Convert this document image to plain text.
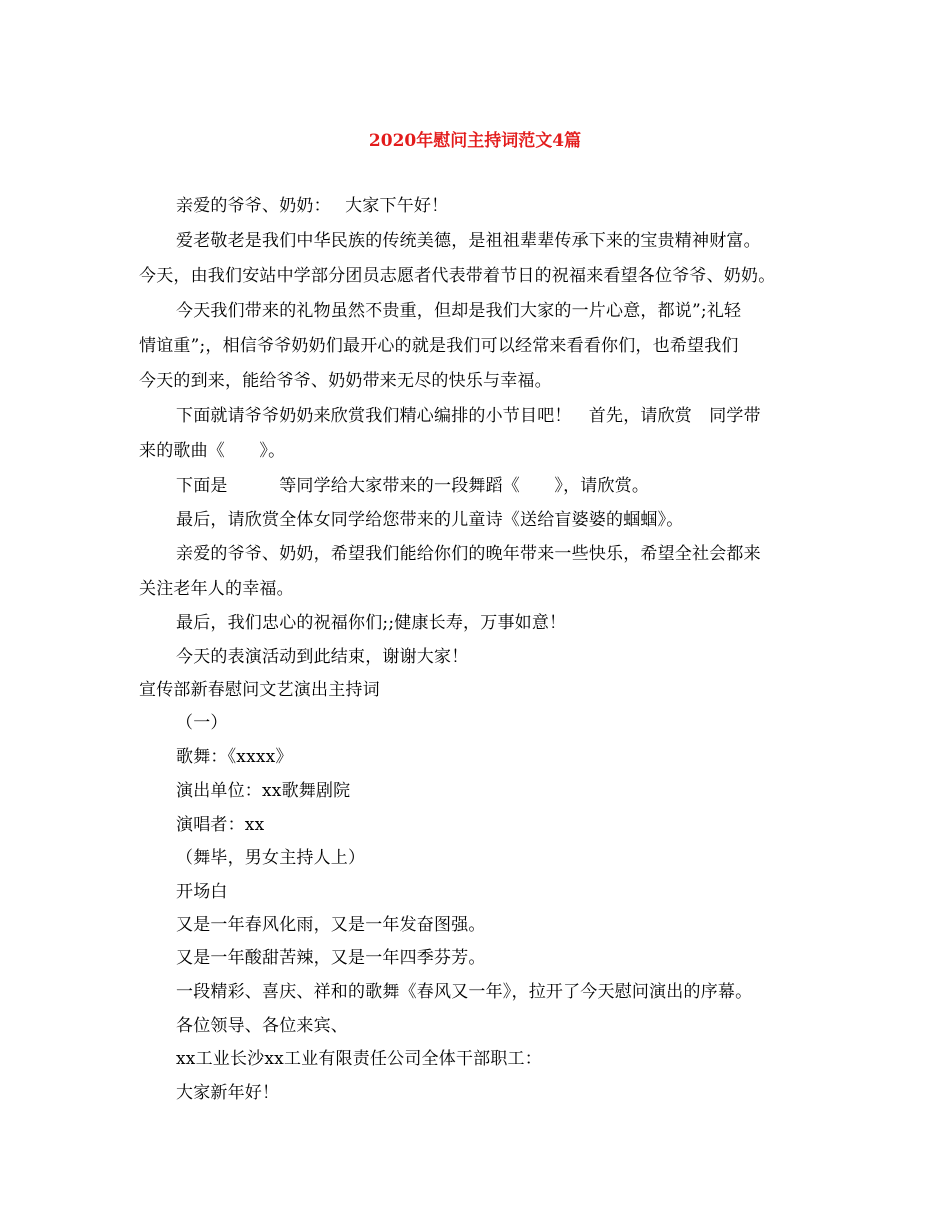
2020年慰问主持词范文4篇
亲爱的爷爷、奶奶：　 大家下午好！
爱老敬老是我们中华民族的传统美德，是祖祖辈辈传承下来的宝贵精神财富。
今天，由我们安站中学部分团员志愿者代表带着节日的祝福来看望各位爷爷、奶奶。
今天我们带来的礼物虽然不贵重，但却是我们大家的一片心意，都说”;礼轻
情谊重”;，相信爷爷奶奶们最开心的就是我们可以经常来看看你们，也希望我们
今天的到来，能给爷爷、奶奶带来无尽的快乐与幸福。
下面就请爷爷奶奶来欣赏我们精心编排的小节目吧！　首先，请欣赏　同学带
来的歌曲《　　》。
下面是　　　等同学给大家带来的一段舞蹈《　　》，请欣赏。
最后，请欣赏全体女同学给您带来的儿童诗《送给盲婆婆的蝈蝈》。
亲爱的爷爷、奶奶，希望我们能给你们的晚年带来一些快乐，希望全社会都来
关注老年人的幸福。
最后，我们忠心的祝福你们;;健康长寿，万事如意！
今天的表演活动到此结束，谢谢大家！
宣传部新春慰问文艺演出主持词
（一）
歌舞：《xxxx》
演出单位：xx歌舞剧院
演唱者：xx
（舞毕，男女主持人上）
开场白
又是一年春风化雨，又是一年发奋图强。
又是一年酸甜苦辣，又是一年四季芬芳。
一段精彩、喜庆、祥和的歌舞《春风又一年》，拉开了今天慰问演出的序幕。
各位领导、各位来宾、
xx工业长沙xx工业有限责任公司全体干部职工：
大家新年好！
